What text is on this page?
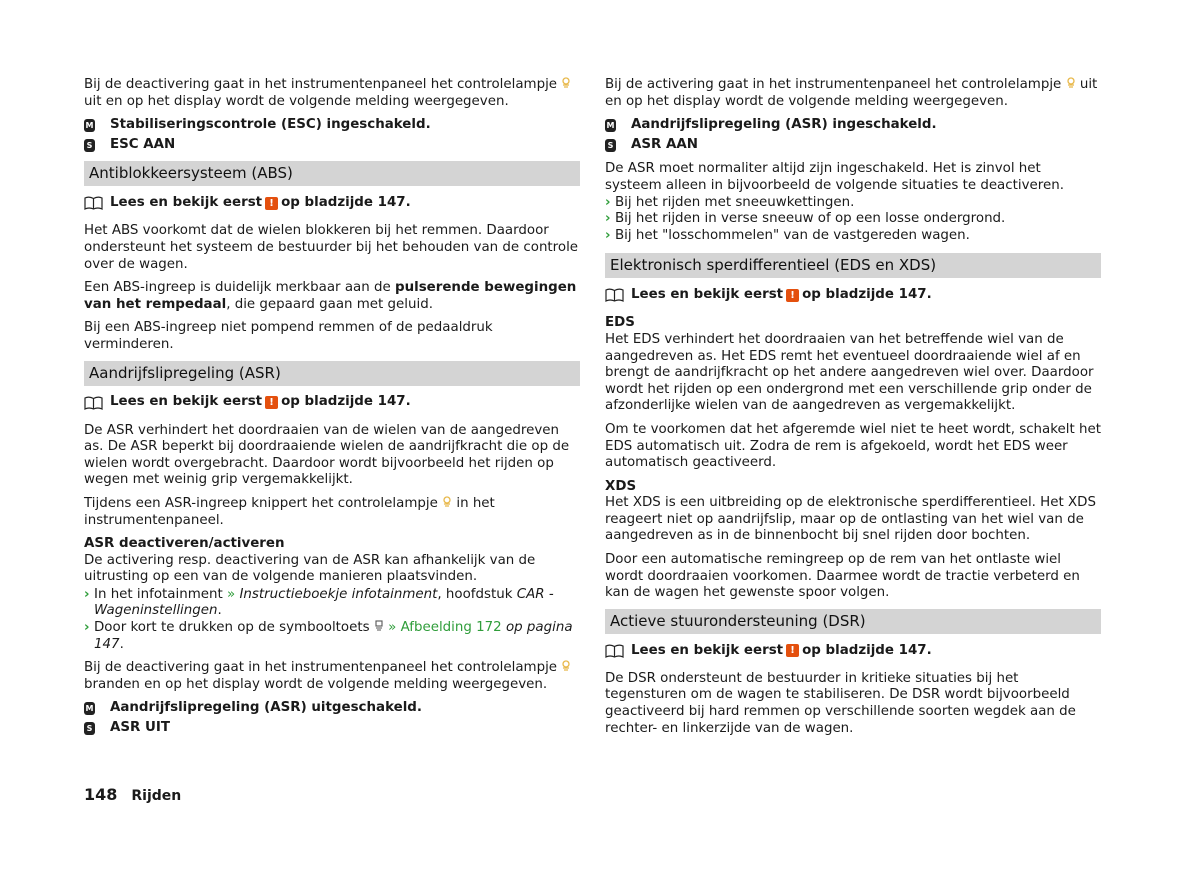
Bij de deactivering gaat in het instrumentenpaneel het controlelampje  uit en op het display wordt de volgende melding weergegeven.

M Stabiliseringscontrole (ESC) ingeschakeld.
S ESC AAN
Antiblokkeersysteem (ABS)
Lees en bekijk eerst ! op bladzijde 147.

Het ABS voorkomt dat de wielen blokkeren bij het remmen. Daardoor ondersteunt het systeem de bestuurder bij het behouden van de controle over de wagen.

Een ABS-ingreep is duidelijk merkbaar aan de pulserende bewegingen van het rempedaal, die gepaard gaan met geluid.

Bij een ABS-ingreep niet pompend remmen of de pedaaldruk verminderen.

Aandrijfslipregeling (ASR)
Lees en bekijk eerst ! op bladzijde 147.

De ASR verhindert het doordraaien van de wielen van de aangedreven as. De ASR beperkt bij doordraaiende wielen de aandrijfkracht die op de wielen wordt overgebracht. Daardoor wordt bijvoorbeeld het rijden op wegen met weinig grip vergemakkelijkt.

Tijdens een ASR-ingreep knippert het controlelampje in het instrumentenpaneel.

ASR deactiveren/activeren

De activering resp. deactivering van de ASR kan afhankelijk van de uitrusting op een van de volgende manieren plaatsvinden.

› In het infotainment » Instructieboekje infotainment, hoofdstuk CAR - Wageninstellingen.
› Door kort te drukken op de symbooltoets » Afbeelding 172 op pagina 147.

Bij de deactivering gaat in het instrumentenpaneel het controlelampje  branden en op het display wordt de volgende melding weergegeven.

M Aandrijfslipregeling (ASR) uitgeschakeld.
S ASR UIT

Bij de activering gaat in het instrumentenpaneel het controlelampje uit en op het display wordt de volgende melding weergegeven.

M Aandrijfslipregeling (ASR) ingeschakeld.
S ASR AAN

De ASR moet normaliter altijd zijn ingeschakeld. Het is zinvol het systeem alleen in bijvoorbeeld de volgende situaties te deactiveren.

› Bij het rijden met sneeuwkettingen.
› Bij het rijden in verse sneeuw of op een losse ondergrond.
› Bij het "losschommelen" van de vastgereden wagen.
Elektronisch sperdifferentieel (EDS en XDS)
Lees en bekijk eerst ! op bladzijde 147.

EDS

Het EDS verhindert het doordraaien van het betreffende wiel van de aangedreven as. Het EDS remt het eventueel doordraaiende wiel af en brengt de aandrijfkracht op het andere aangedreven wiel over. Daardoor wordt het rijden op een ondergrond met een verschillende grip onder de afzonderlijke wielen van de aangedreven as vergemakkelijkt.

Om te voorkomen dat het afgeremde wiel niet te heet wordt, schakelt het EDS automatisch uit. Zodra de rem is afgekoeld, wordt het EDS weer automatisch geactiveerd.

XDS

Het XDS is een uitbreiding op de elektronische sperdifferentieel. Het XDS reageert niet op aandrijfslip, maar op de ontlasting van het wiel van de aangedreven as in de binnenbocht bij snel rijden door bochten.

Door een automatische remingreep op de rem van het ontlaste wiel wordt doordraaien voorkomen. Daarmee wordt de tractie verbeterd en kan de wagen het gewenste spoor volgen.

Actieve stuurondersteuning (DSR)
Lees en bekijk eerst ! op bladzijde 147.

De DSR ondersteunt de bestuurder in kritieke situaties bij het tegensturen om de wagen te stabiliseren. De DSR wordt bijvoorbeeld geactiveerd bij hard remmen op verschillende soorten wegdek aan de rechter- en linkerzijde van de wagen.

148 Rijden
